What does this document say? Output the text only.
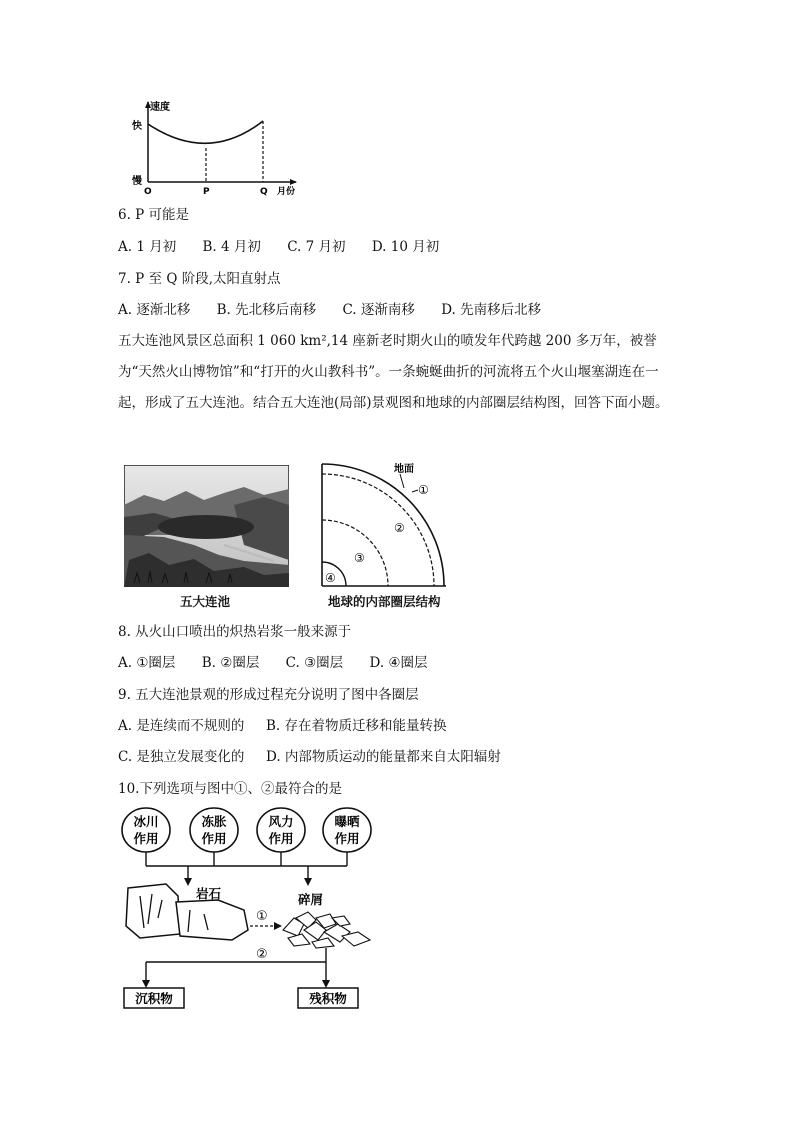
速度
快
慢
O	P	Q 月份
6. P 可能是
A. 1 月初 B. 4 月初 C. 7 月初 D. 10 月初
7. P 至 Q 阶段,太阳直射点
A. 逐渐北移 B. 先北移后南移 C. 逐渐南移 D. 先南移后北移
五大连池风景区总面积 1 060 km²,14 座新老时期火山的喷发年代跨越 200 多万年，被誉为“天然火山博物馆”和“打开的火山教科书”。一条蜿蜒曲折的河流将五个火山堰塞湖连在一起，形成了五大连池。结合五大连池(局部)景观图和地球的内部圈层结构图，回答下面小题。
五大连池
地面
①
②
③
④
地球的内部圈层结构
8. 从火山口喷出的炽热岩浆一般来源于
A. ①圈层 B. ②圈层 C. ③圈层 D. ④圈层
9. 五大连池景观的形成过程充分说明了图中各圈层
A. 是连续而不规则的 B. 存在着物质迁移和能量转换
C. 是独立发展变化的 D. 内部物质运动的能量都来自太阳辐射
10.下列选项与图中①、②最符合的是
冰川
作用
冻胀
作用
风力
作用
曝晒
作用
岩石
①
碎屑
②
沉积物	残积物
